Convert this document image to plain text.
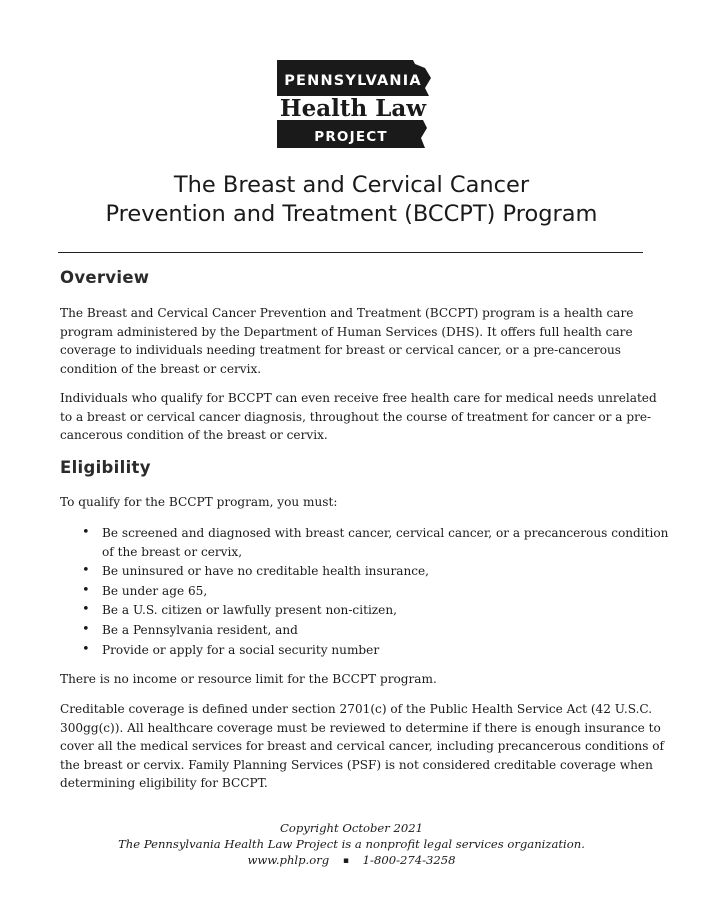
PENNSYLVANIA
Health Law
PROJECT
The Breast and Cervical Cancer
Prevention and Treatment (BCCPT) Program
Overview

The Breast and Cervical Cancer Prevention and Treatment (BCCPT) program is a health care
program administered by the Department of Human Services (DHS). It offers full health care
coverage to individuals needing treatment for breast or cervical cancer, or a pre-cancerous
condition of the breast or cervix.

Individuals who qualify for BCCPT can even receive free health care for medical needs unrelated
to a breast or cervical cancer diagnosis, throughout the course of treatment for cancer or a pre-
cancerous condition of the breast or cervix.

Eligibility

To qualify for the BCCPT program, you must:

• Be screened and diagnosed with breast cancer, cervical cancer, or a precancerous condition
of the breast or cervix,
• Be uninsured or have no creditable health insurance,
• Be under age 65,
• Be a U.S. citizen or lawfully present non-citizen,
• Be a Pennsylvania resident, and
• Provide or apply for a social security number

There is no income or resource limit for the BCCPT program.

Creditable coverage is defined under section 2701(c) of the Public Health Service Act (42 U.S.C.
300gg(c)). All healthcare coverage must be reviewed to determine if there is enough insurance to
cover all the medical services for breast and cervical cancer, including precancerous conditions of
the breast or cervix. Family Planning Services (PSF) is not considered creditable coverage when
determining eligibility for BCCPT.

Copyright October 2021
The Pennsylvania Health Law Project is a nonprofit legal services organization.
www.phlp.org ▪ 1-800-274-3258
